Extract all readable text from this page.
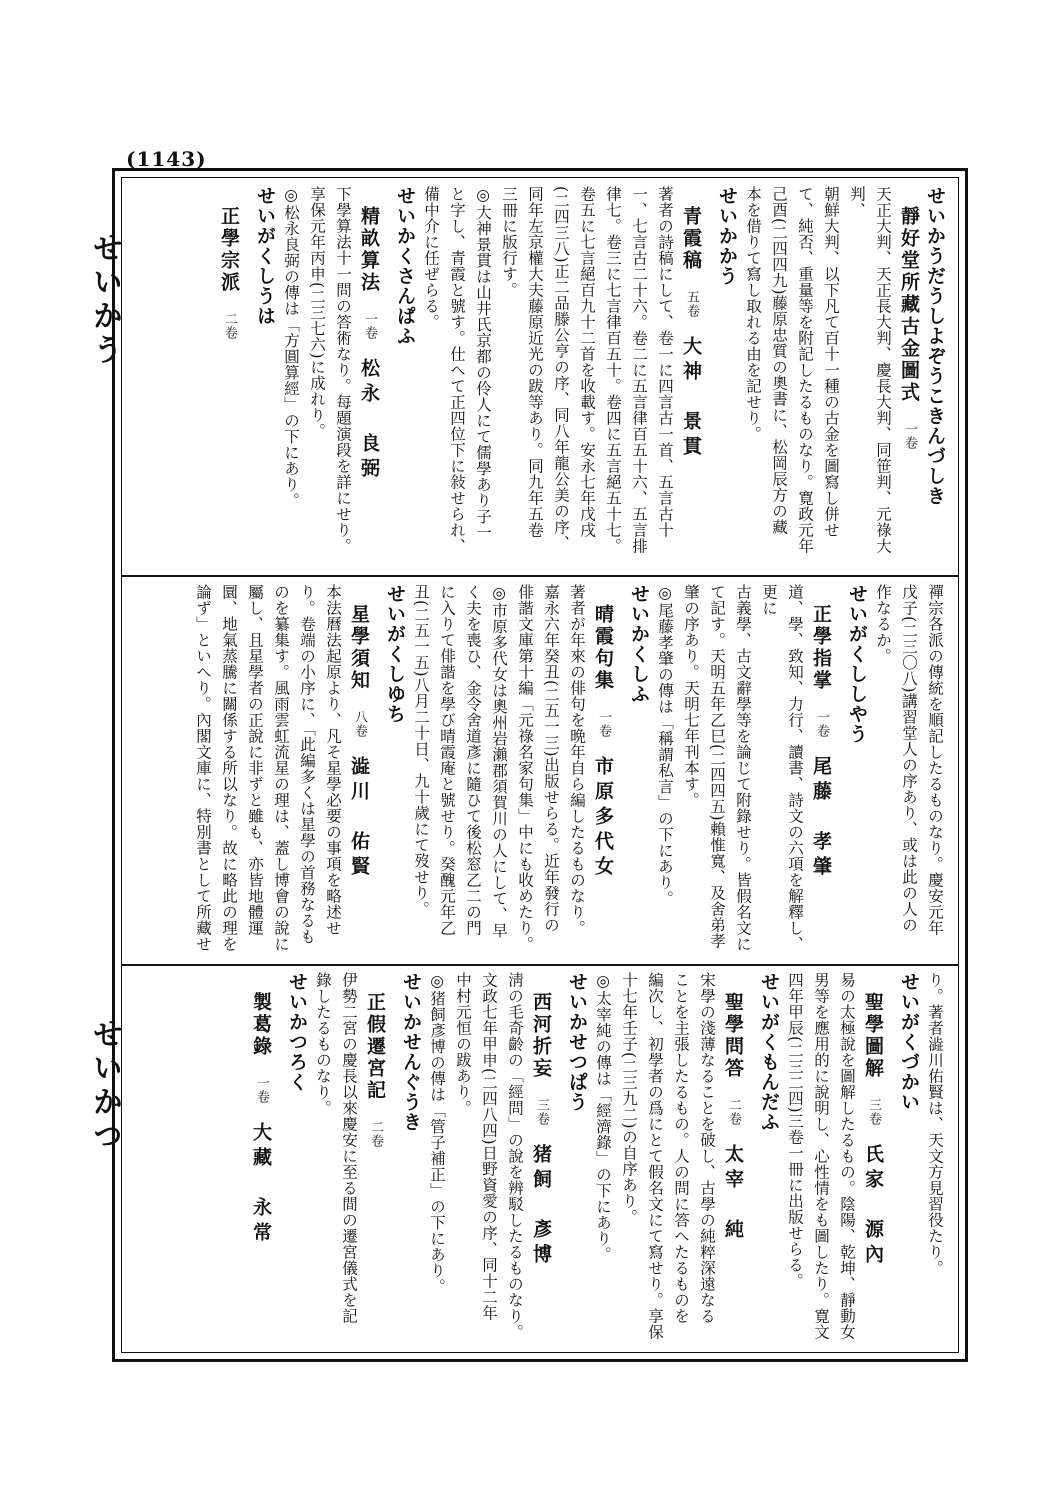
(1143)
せいかう
せいかつ

せいかうだうしよぞうこきんづしき

靜好堂所藏古金圖式一卷

天正大判、天正長大判、慶長大判、同笹判、元祿大判、

朝鮮大判、以下凡て百十一種の古金を圖寫し併せ

て、純否、重量等を附記したるものなり。寛政元年

己酉(二四四九)藤原忠質の奧書に、松岡辰方の藏

本を借りて寫し取れる由を記せり。

せいかかう

青霞稿五卷大神　景貫

著者の詩稿にして、卷一に四言古一首、五言古十

一、七言古二十六。卷二に五言律百五十六、五言排

律七。卷三に七言律百五十。卷四に五言絕五十七。

卷五に七言絕百九十二首を收載す。安永七年戊戌

(二四三八)正二品滕公亨の序、同八年龍公美の序、

同年左京權大夫藤原近光の跋等あり。同九年五卷

三冊に版行す。

◎大神景貫は山井氏京都の伶人にて儒學あり子一

と字し、青霞と號す。仕へて正四位下に敍せられ、

備中介に任ぜらる。

せいかくさんぱふ

精畝算法一卷松永　良弼

下學算法十一問の答術なり。每題演段を詳にせり。

享保元年丙申(二三七六)に成れり。

◎松永良弼の傳は「方圓算經」の下にあり。

せいがくしうは

正學宗派二卷

禪宗各派の傳統を順記したるものなり。慶安元年

戊子(二三〇八)講習堂人の序あり、或は此の人の

作なるか。

せいがくししやう

正學指掌一卷尾藤　孝肇

道、學、致知、力行、讀書、詩文の六項を解釋し、更に

古義學、古文辭學等を論じて附錄せり。皆假名文に

て記す。天明五年乙巳(二四四五)賴惟寬、及舍弟孝

肇の序あり。天明七年刊本す。

◎尾藤孝肇の傳は「稱謂私言」の下にあり。

せいかくしふ

晴霞句集一卷市原多代女

著者が年來の俳句を晩年自ら編したるものなり。

嘉永六年癸丑(二五一三)出版せらる。近年發行の

俳諧文庫第十編「元祿名家句集」中にも收めたり。

◎市原多代女は奧州岩瀨郡須賀川の人にして、早

く夫を喪ひ、金令舍道彥に隨ひて後松窓乙二の門

に入りて俳諧を學び晴霞庵と號せり。癸醜元年乙

丑(二五一五)八月二十日、九十歲にて歿せり。

せいがくしゆち

星學須知八卷澁川　佑賢

本法曆法起原より、凡そ星學必要の事項を略述せ

り。卷端の小序に、「此編多くは星學の首務なるも

のを纂集す。風雨雲虹流星の理は、蓋し博會の說に

屬し、且星學者の正說に非ずと雖も、亦皆地體運

圜、地氣蒸騰に關係する所以なり。故に略此の理を

論ず」といへり。內閣文庫に、特別書として所藏せ

り。著者澁川佑賢は、天文方見習役たり。

せいがくづかい

聖學圖解三卷氏家　源內

易の太極說を圖解したるもの。陰陽、乾坤、靜動女

男等を應用的に說明し、心性情をも圖したり。寛文

四年甲辰(二三二四)三卷一冊に出版せらる。

せいがくもんだふ

聖學問答二卷太宰　純

宋學の淺薄なることを破し、古學の純粹深遠なる

ことを主張したるもの。人の問に答へたるものを

編次し、初學者の爲にとて假名文にて寫せり。享保

十七年壬子(二三九二)の自序あり。

◎太宰純の傳は「經濟錄」の下にあり。

せいかせつぱう

西河折妄三卷猪飼　彥博

淸の毛奇齡の「經問」の說を辨駁したるものなり。

文政七年甲申(二四八四)日野資愛の序、同十二年

中村元恒の跋あり。

◎猪飼彥博の傳は「管子補正」の下にあり。

せいかせんぐうき

正假遷宮記二卷

伊勢二宮の慶長以來慶安に至る間の遷宮儀式を記

錄したるものなり。

せいかつろく

製葛錄一卷大藏　永常
